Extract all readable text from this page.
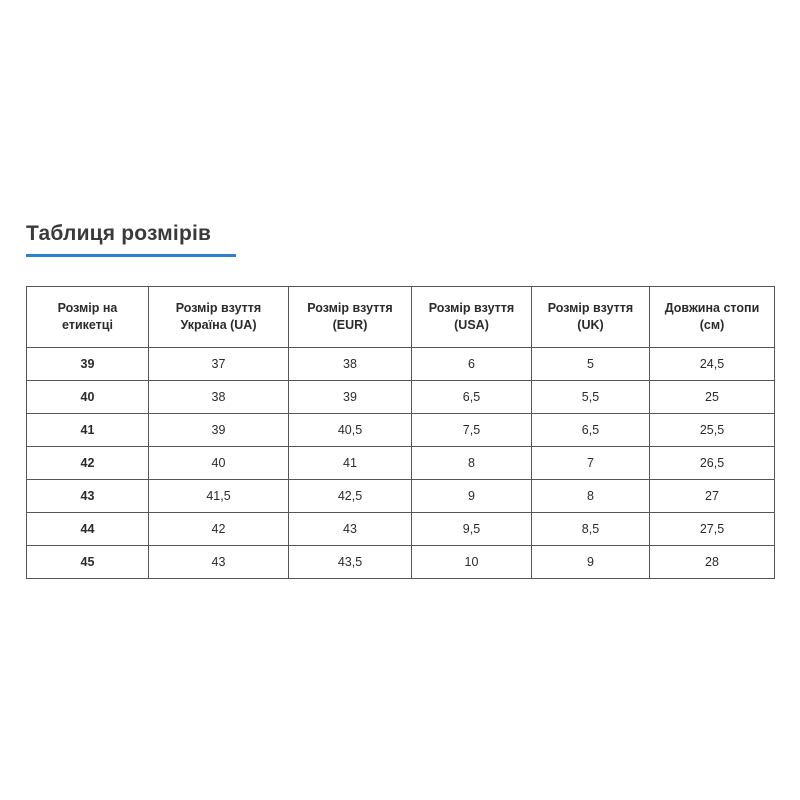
Таблиця розмірів
Розмір на етикетці	Розмір взуття Україна (UA)	Розмір взуття (EUR)	Розмір взуття (USA)	Розмір взуття (UK)	Довжина стопи (см)
39	37	38	6	5	24,5
40	38	39	6,5	5,5	25
41	39	40,5	7,5	6,5	25,5
42	40	41	8	7	26,5
43	41,5	42,5	9	8	27
44	42	43	9,5	8,5	27,5
45	43	43,5	10	9	28
